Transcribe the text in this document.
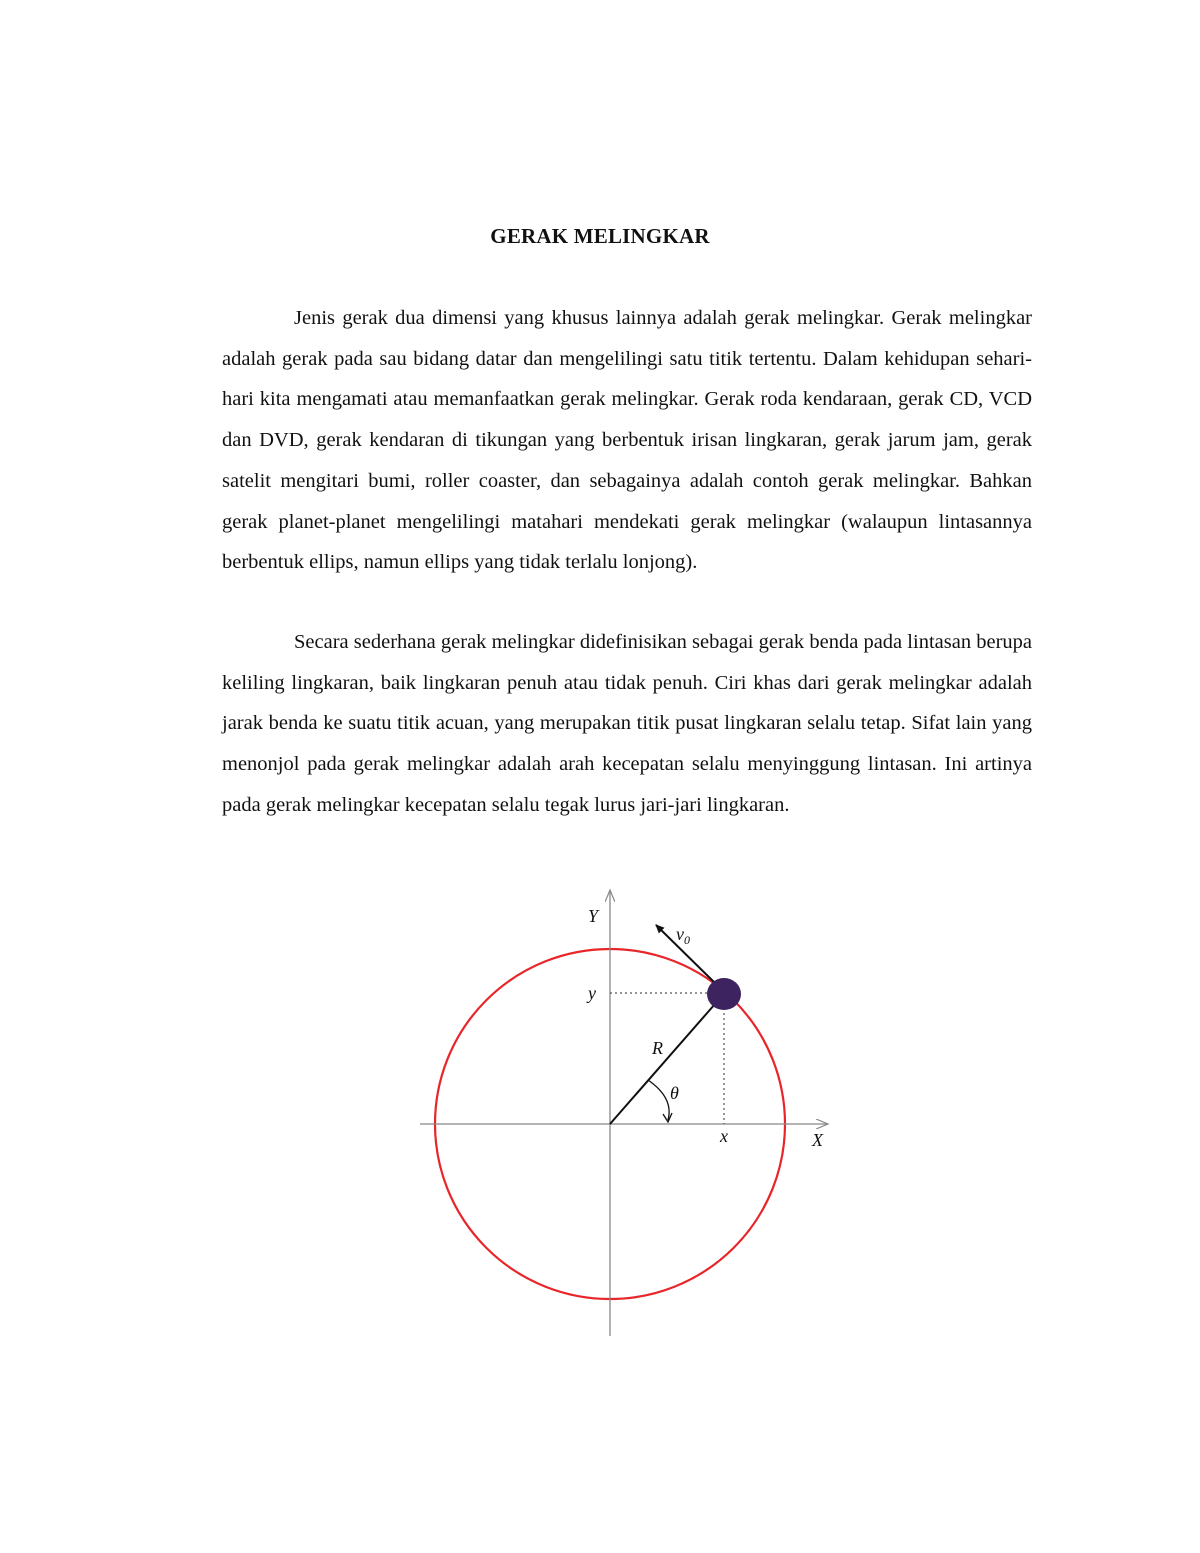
GERAK MELINGKAR

Jenis gerak dua dimensi yang khusus lainnya adalah gerak melingkar. Gerak melingkar adalah gerak pada sau bidang datar dan mengelilingi satu titik tertentu. Dalam kehidupan sehari-hari kita mengamati atau memanfaatkan gerak melingkar. Gerak roda kendaraan, gerak CD, VCD dan DVD, gerak kendaran di tikungan yang berbentuk irisan lingkaran, gerak jarum jam, gerak satelit mengitari bumi, roller coaster, dan sebagainya adalah contoh gerak melingkar. Bahkan gerak planet-planet mengelilingi matahari mendekati gerak melingkar (walaupun lintasannya berbentuk ellips, namun ellips yang tidak terlalu lonjong).

Secara sederhana gerak melingkar didefinisikan sebagai gerak benda pada lintasan berupa keliling lingkaran, baik lingkaran penuh atau tidak penuh. Ciri khas dari gerak melingkar adalah jarak benda ke suatu titik acuan, yang merupakan titik pusat lingkaran selalu tetap. Sifat lain yang menonjol pada gerak melingkar adalah arah kecepatan selalu menyinggung lintasan. Ini artinya pada gerak melingkar kecepatan selalu tegak lurus jari-jari lingkaran.

Y
X
y
x
R
θ
$v_0$
